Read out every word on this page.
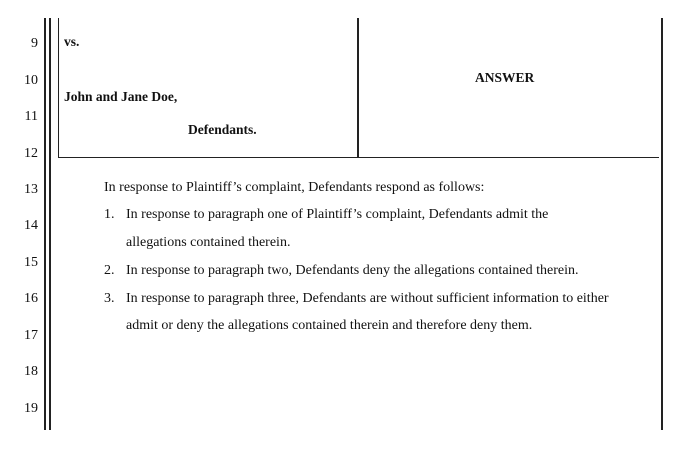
9
10
11
12
13
14
15
16
17
18
19
vs.
John and Jane Doe,
Defendants.
ANSWER
In response to Plaintiff’s complaint, Defendants respond as follows:
1. In response to paragraph one of Plaintiff’s complaint, Defendants admit the
allegations contained therein.
2. In response to paragraph two, Defendants deny the allegations contained therein.
3. In response to paragraph three, Defendants are without sufficient information to either
admit or deny the allegations contained therein and therefore deny them.
